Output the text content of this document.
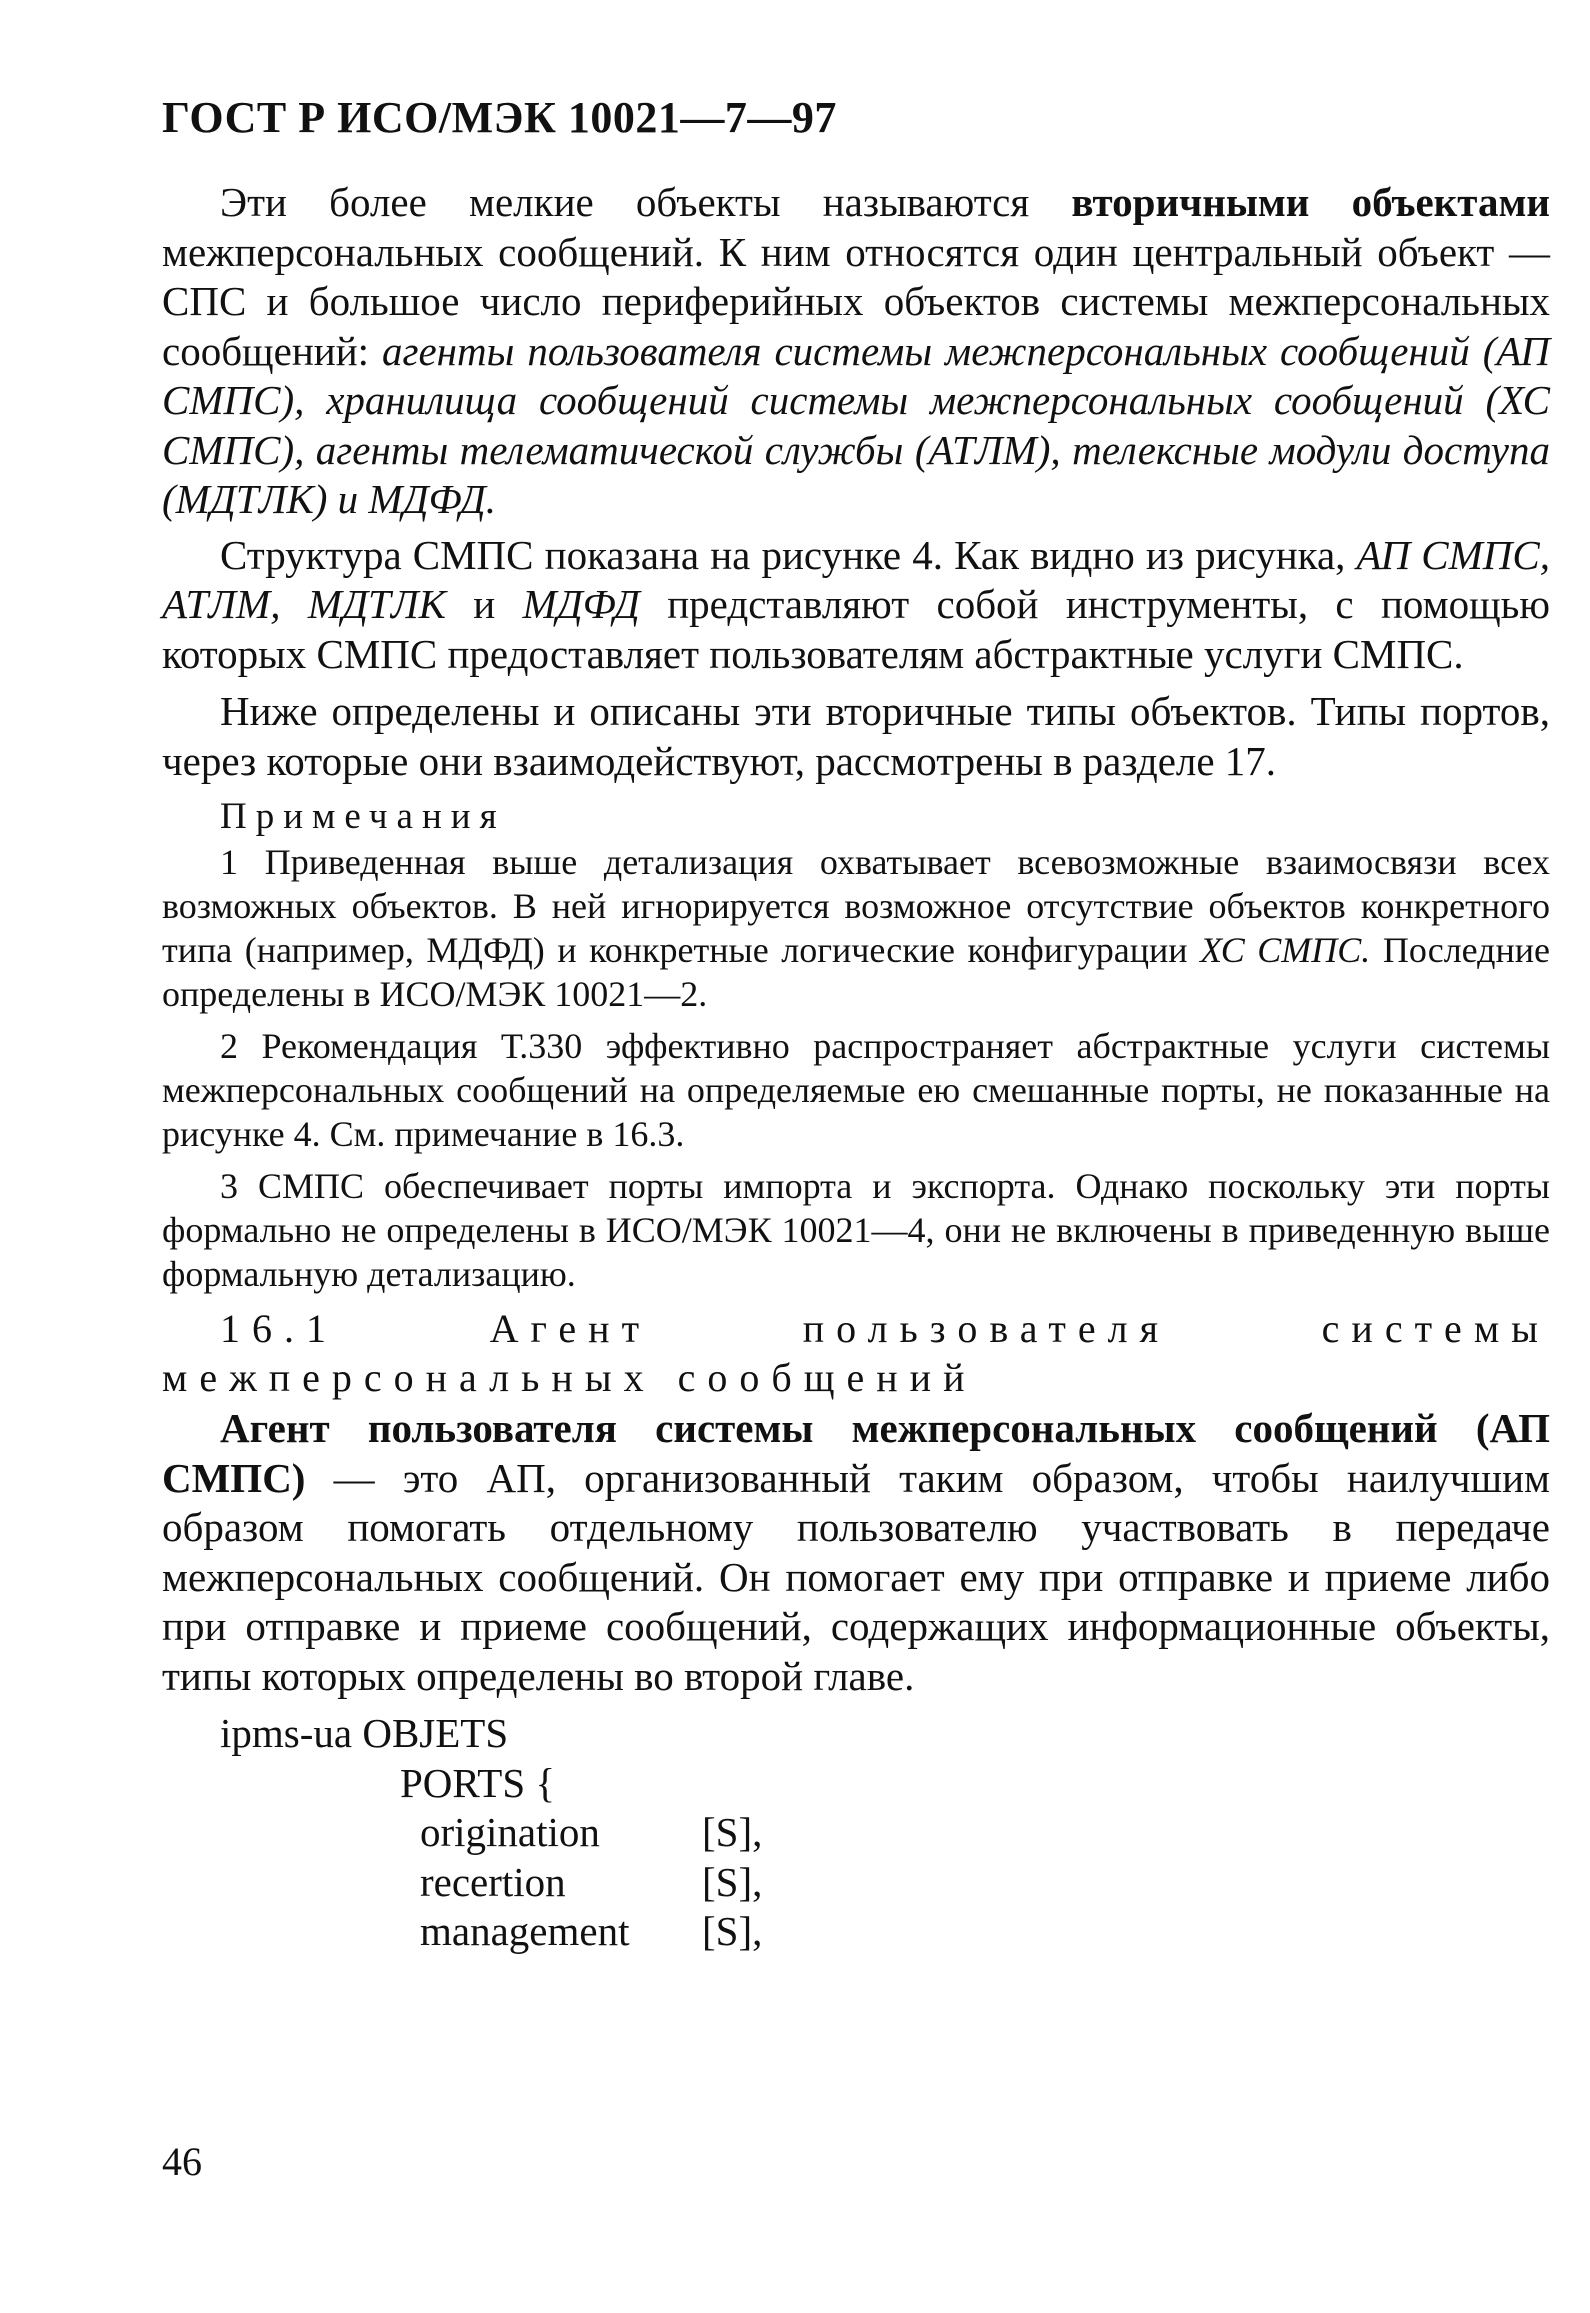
ГОСТ Р ИСО/МЭК 10021—7—97

Эти более мелкие объекты называются вторичными объектами межперсональных сообщений. К ним относятся один центральный объект — СПС и большое число периферийных объектов системы межперсональных сообщений: агенты пользователя системы межперсональных сообщений (АП СМПС), хранилища сообщений системы межперсональных сообщений (ХС СМПС), агенты телематической службы (АТЛМ), телексные модули доступа (МДТЛК) и МДФД.

Структура СМПС показана на рисунке 4. Как видно из рисунка, АП СМПС, АТЛМ, МДТЛК и МДФД представляют собой инструменты, с помощью которых СМПС предоставляет пользователям абстрактные услуги СМПС.

Ниже определены и описаны эти вторичные типы объектов. Типы портов, через которые они взаимодействуют, рассмотрены в разделе 17.

Примечания

1 Приведенная выше детализация охватывает всевозможные взаимосвязи всех возможных объектов. В ней игнорируется возможное отсутствие объектов конкретного типа (например, МДФД) и конкретные логические конфигурации ХС СМПС. Последние определены в ИСО/МЭК 10021—2.

2 Рекомендация Т.330 эффективно распространяет абстрактные услуги системы межперсональных сообщений на определяемые ею смешанные порты, не показанные на рисунке 4. См. примечание в 16.3.

3 СМПС обеспечивает порты импорта и экспорта. Однако поскольку эти порты формально не определены в ИСО/МЭК 10021—4, они не включены в приведенную выше формальную детализацию.

16.1 Агент пользователя системы межперсональных сообщений

Агент пользователя системы межперсональных сообщений (АП СМПС) — это АП, организованный таким образом, чтобы наилучшим образом помогать отдельному пользователю участвовать в передаче межперсональных сообщений. Он помогает ему при отправке и приеме либо при отправке и приеме сообщений, содержащих информационные объекты, типы которых определены во второй главе.

ipms-ua OBJETS
PORTS {
origination	[S],
recertion	[S],
management	[S],
46
